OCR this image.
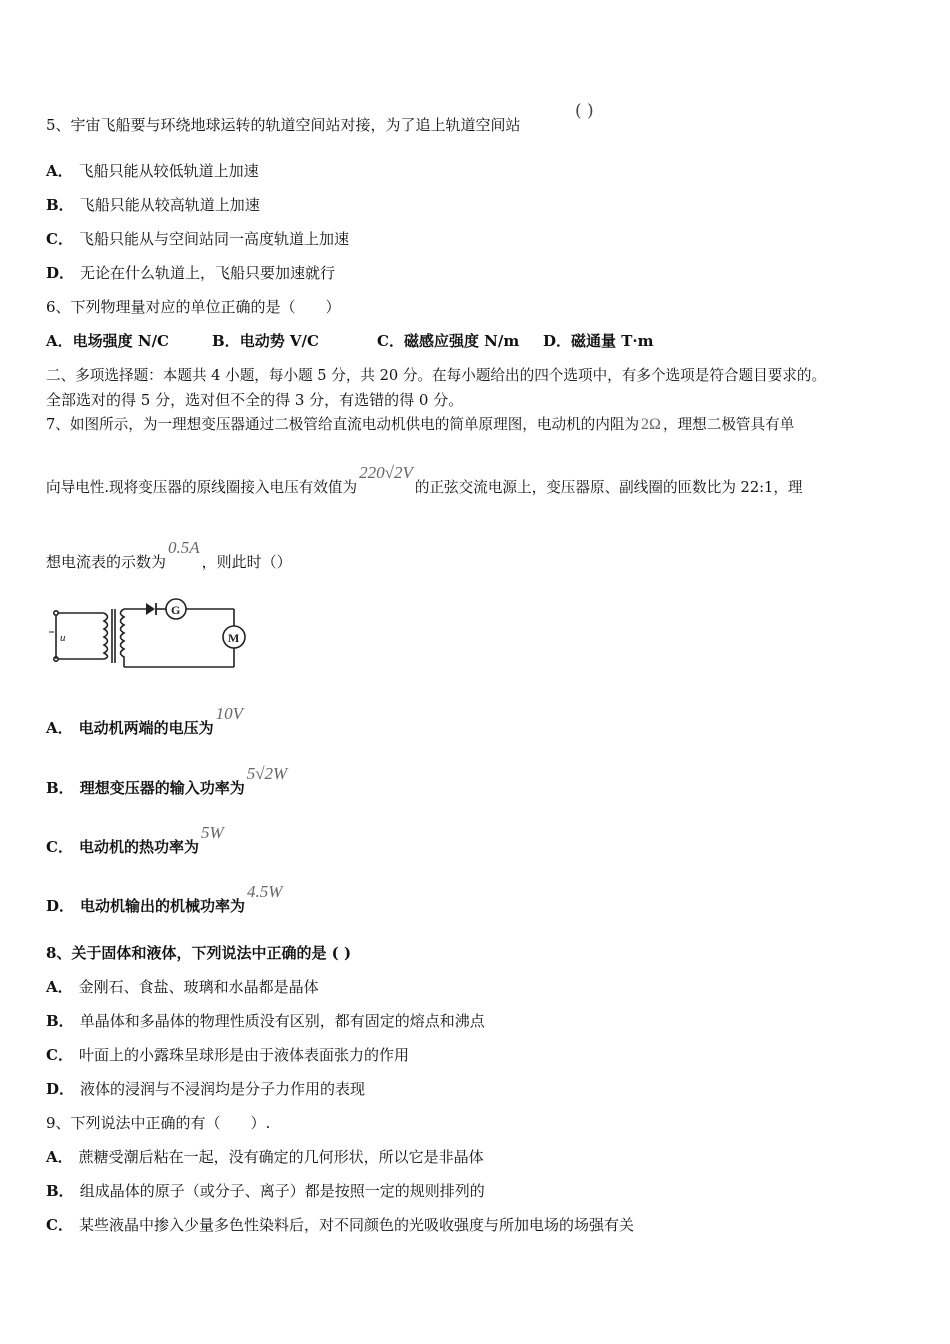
5、宇宙飞船要与环绕地球运转的轨道空间站对接，为了追上轨道空间站
( )
A． 飞船只能从较低轨道上加速
B． 飞船只能从较高轨道上加速
C． 飞船只能从与空间站同一高度轨道上加速
D． 无论在什么轨道上，飞船只要加速就行
6、下列物理量对应的单位正确的是（　　）
A．电场强度 N/C	B．电动势 V/C	C．磁感应强度 N/m D．磁通量 T·m
二、多项选择题：本题共 4 小题，每小题 5 分，共 20 分。在每小题给出的四个选项中，有多个选项是符合题目要求的。
全部选对的得 5 分，选对但不全的得 3 分，有选错的得 0 分。
7、如图所示，为一理想变压器通过二极管给直流电动机供电的简单原理图，电动机的内阻为 2Ω ，理想二极管具有单
向导电性.现将变压器的原线圈接入电压有效值为220√2V的正弦交流电源上，变压器原、副线圈的匝数比为 22:1，理
想电流表的示数为0.5A，则此时（）
u
G
M
A． 电动机两端的电压为10V
B． 理想变压器的输入功率为5√2W
C． 电动机的热功率为5W
D． 电动机输出的机械功率为4.5W
8、关于固体和液体，下列说法中正确的是 ( )
A． 金刚石、食盐、玻璃和水晶都是晶体
B． 单晶体和多晶体的物理性质没有区别，都有固定的熔点和沸点
C． 叶面上的小露珠呈球形是由于液体表面张力的作用
D． 液体的浸润与不浸润均是分子力作用的表现
9、下列说法中正确的有（　　）.
A． 蔗糖受潮后粘在一起，没有确定的几何形状，所以它是非晶体
B． 组成晶体的原子（或分子、离子）都是按照一定的规则排列的
C． 某些液晶中掺入少量多色性染料后，对不同颜色的光吸收强度与所加电场的场强有关
